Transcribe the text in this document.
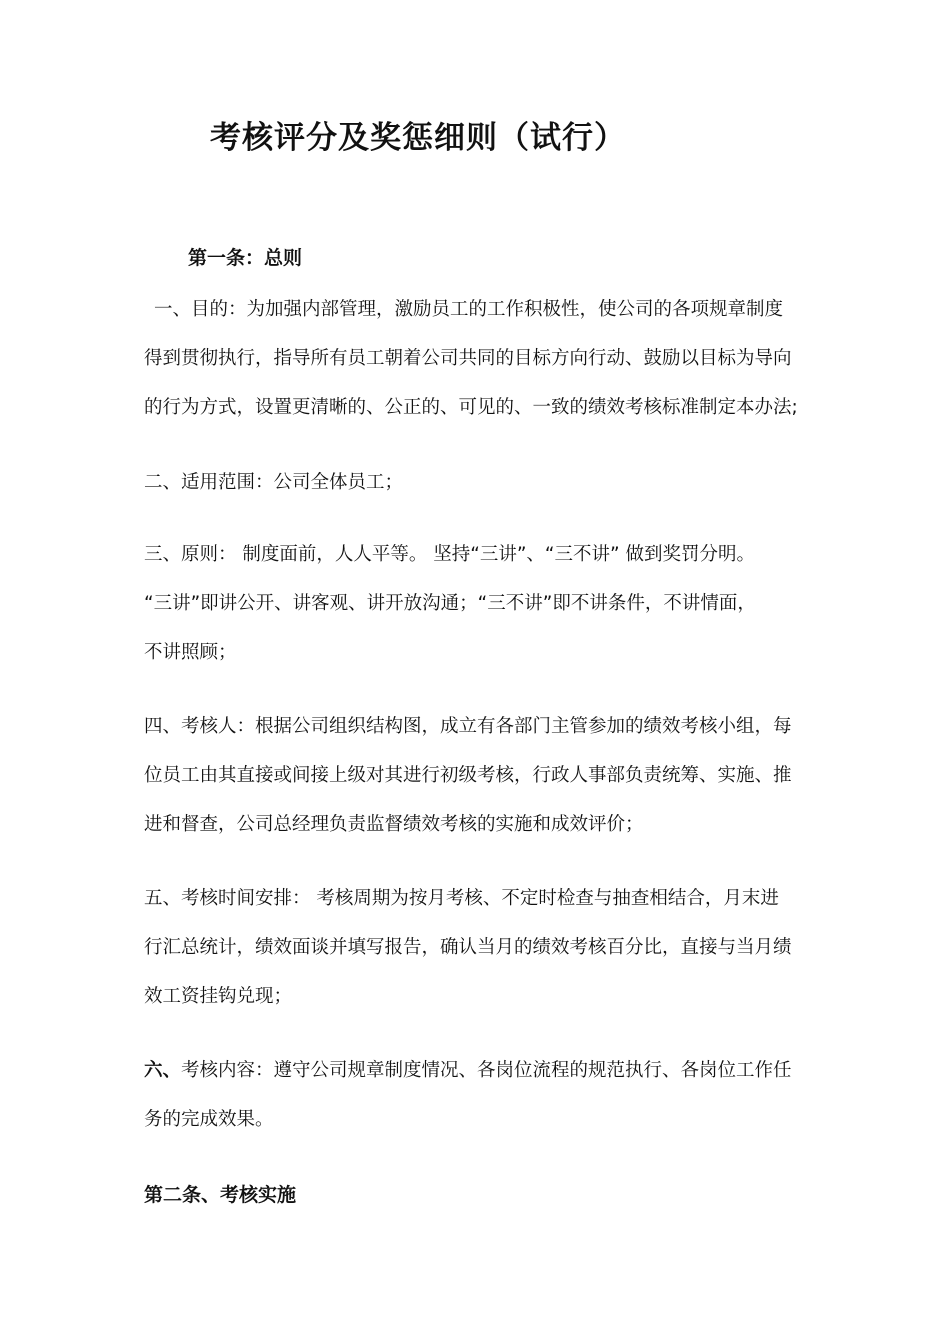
考核评分及奖惩细则（试行）
第一条：总则
一、目的：为加强内部管理，激励员工的工作积极性，使公司的各项规章制度
得到贯彻执行，指导所有员工朝着公司共同的目标方向行动、鼓励以目标为导向
的行为方式，设置更清晰的、公正的、可见的、一致的绩效考核标准制定本办法;
二、适用范围：公司全体员工；
三、原则： 制度面前，人人平等。 坚持“三讲”、“三不讲” 做到奖罚分明。
“三讲”即讲公开、讲客观、讲开放沟通；“三不讲”即不讲条件，不讲情面，
不讲照顾；
四、考核人：根据公司组织结构图，成立有各部门主管参加的绩效考核小组，每
位员工由其直接或间接上级对其进行初级考核，行政人事部负责统筹、实施、推
进和督查，公司总经理负责监督绩效考核的实施和成效评价；
五、考核时间安排： 考核周期为按月考核、不定时检查与抽查相结合，月末进
行汇总统计，绩效面谈并填写报告，确认当月的绩效考核百分比，直接与当月绩
效工资挂钩兑现；
六、考核内容：遵守公司规章制度情况、各岗位流程的规范执行、各岗位工作任
务的完成效果。
第二条、考核实施
